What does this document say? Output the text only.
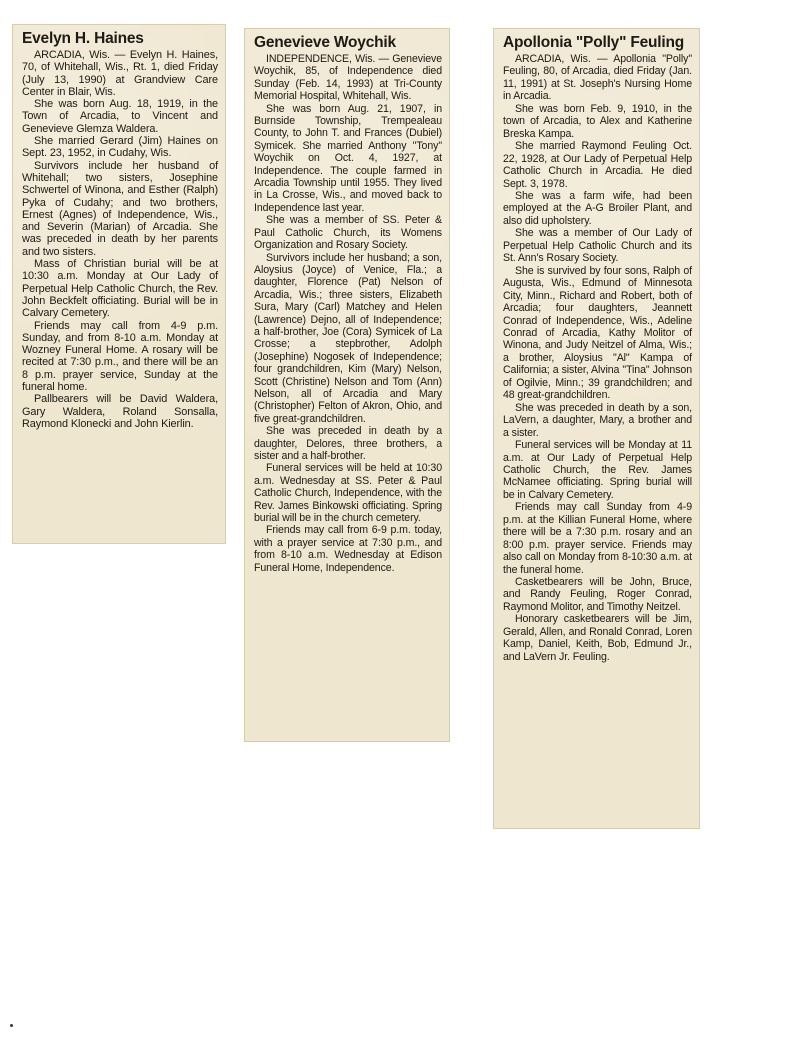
Evelyn H. Haines

ARCADIA, Wis. — Evelyn H. Haines, 70, of Whitehall, Wis., Rt. 1, died Friday (July 13, 1990) at Grandview Care Center in Blair, Wis.

She was born Aug. 18, 1919, in the Town of Arcadia, to Vincent and Genevieve Glemza Waldera.

She married Gerard (Jim) Haines on Sept. 23, 1952, in Cudahy, Wis.

Survivors include her husband of Whitehall; two sisters, Josephine Schwertel of Winona, and Esther (Ralph) Pyka of Cudahy; and two brothers, Ernest (Agnes) of Independence, Wis., and Severin (Marian) of Arcadia. She was preceded in death by her parents and two sisters.

Mass of Christian burial will be at 10:30 a.m. Monday at Our Lady of Perpetual Help Catholic Church, the Rev. John Beckfelt officiating. Burial will be in Calvary Cemetery.

Friends may call from 4-9 p.m. Sunday, and from 8-10 a.m. Monday at Wozney Funeral Home. A rosary will be recited at 7:30 p.m., and there will be an 8 p.m. prayer service, Sunday at the funeral home.

Pallbearers will be David Waldera, Gary Waldera, Roland Sonsalla, Raymond Klonecki and John Kierlin.

Genevieve Woychik

INDEPENDENCE, Wis. — Genevieve Woychik, 85, of Independence died Sunday (Feb. 14, 1993) at Tri-County Memorial Hospital, Whitehall, Wis.

She was born Aug. 21, 1907, in Burnside Township, Trempealeau County, to John T. and Frances (Dubiel) Symicek. She married Anthony "Tony" Woychik on Oct. 4, 1927, at Independence. The couple farmed in Arcadia Township until 1955. They lived in La Crosse, Wis., and moved back to Independence last year.

She was a member of SS. Peter & Paul Catholic Church, its Womens Organization and Rosary Society.

Survivors include her husband; a son, Aloysius (Joyce) of Venice, Fla.; a daughter, Florence (Pat) Nelson of Arcadia, Wis.; three sisters, Elizabeth Sura, Mary (Carl) Matchey and Helen (Lawrence) Dejno, all of Independence; a half-brother, Joe (Cora) Symicek of La Crosse; a stepbrother, Adolph (Josephine) Nogosek of Independence; four grandchildren, Kim (Mary) Nelson, Scott (Christine) Nelson and Tom (Ann) Nelson, all of Arcadia and Mary (Christopher) Felton of Akron, Ohio, and five great-grandchildren.

She was preceded in death by a daughter, Delores, three brothers, a sister and a half-brother.

Funeral services will be held at 10:30 a.m. Wednesday at SS. Peter & Paul Catholic Church, Independence, with the Rev. James Binkowski officiating. Spring burial will be in the church cemetery.

Friends may call from 6-9 p.m. today, with a prayer service at 7:30 p.m., and from 8-10 a.m. Wednesday at Edison Funeral Home, Independence.

Apollonia "Polly" Feuling

ARCADIA, Wis. — Apollonia "Polly" Feuling, 80, of Arcadia, died Friday (Jan. 11, 1991) at St. Joseph's Nursing Home in Arcadia.

She was born Feb. 9, 1910, in the town of Arcadia, to Alex and Katherine Breska Kampa.

She married Raymond Feuling Oct. 22, 1928, at Our Lady of Perpetual Help Catholic Church in Arcadia. He died Sept. 3, 1978.

She was a farm wife, had been employed at the A-G Broiler Plant, and also did upholstery.

She was a member of Our Lady of Perpetual Help Catholic Church and its St. Ann's Rosary Society.

She is survived by four sons, Ralph of Augusta, Wis., Edmund of Minnesota City, Minn., Richard and Robert, both of Arcadia; four daughters, Jeannett Conrad of Independence, Wis., Adeline Conrad of Arcadia, Kathy Molitor of Winona, and Judy Neitzel of Alma, Wis.; a brother, Aloysius "Al" Kampa of California; a sister, Alvina "Tina" Johnson of Ogilvie, Minn.; 39 grandchildren; and 48 great-grandchildren.

She was preceded in death by a son, LaVern, a daughter, Mary, a brother and a sister.

Funeral services will be Monday at 11 a.m. at Our Lady of Perpetual Help Catholic Church, the Rev. James McNamee officiating. Spring burial will be in Calvary Cemetery.

Friends may call Sunday from 4-9 p.m. at the Killian Funeral Home, where there will be a 7:30 p.m. rosary and an 8:00 p.m. prayer service. Friends may also call on Monday from 8-10:30 a.m. at the funeral home.

Casketbearers will be John, Bruce, and Randy Feuling, Roger Conrad, Raymond Molitor, and Timothy Neitzel.

Honorary casketbearers will be Jim, Gerald, Allen, and Ronald Conrad, Loren Kamp, Daniel, Keith, Bob, Edmund Jr., and LaVern Jr. Feuling.
